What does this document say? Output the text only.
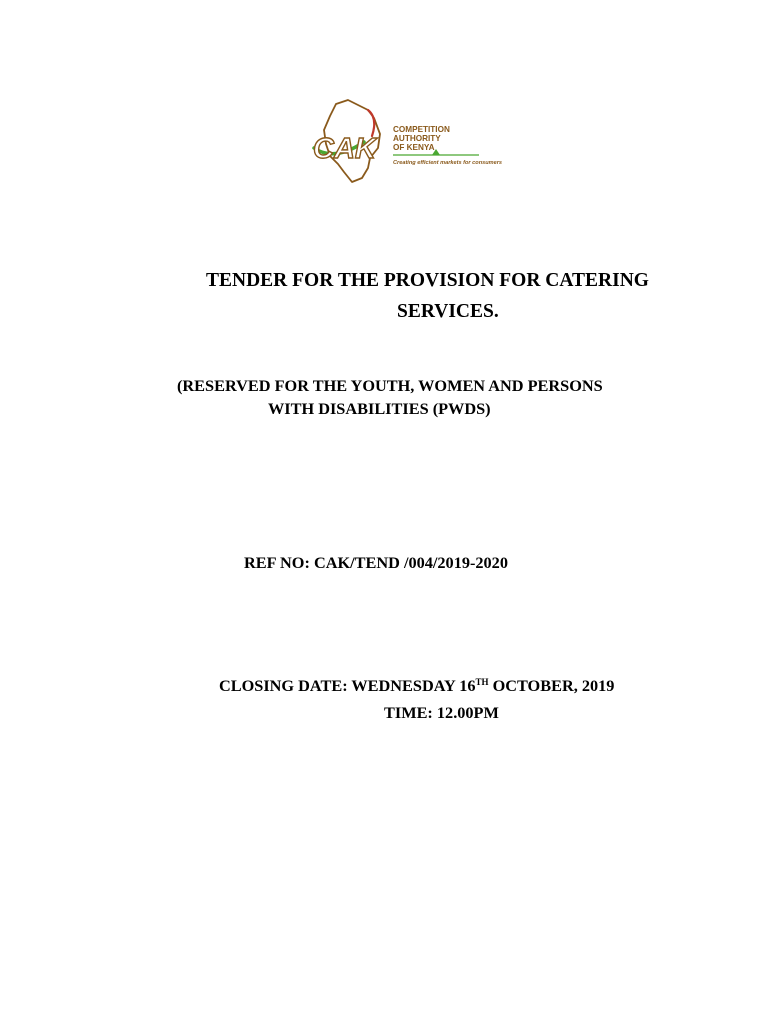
CAK
COMPETITION
AUTHORITY
OF KENYA
Creating efficient markets for consumers
TENDER FOR THE PROVISION FOR CATERING
SERVICES.
(RESERVED FOR THE YOUTH, WOMEN AND PERSONS
WITH DISABILITIES (PWDS)
REF NO: CAK/TEND /004/2019-2020
CLOSING DATE: WEDNESDAY 16TH OCTOBER, 2019
TIME: 12.00PM
